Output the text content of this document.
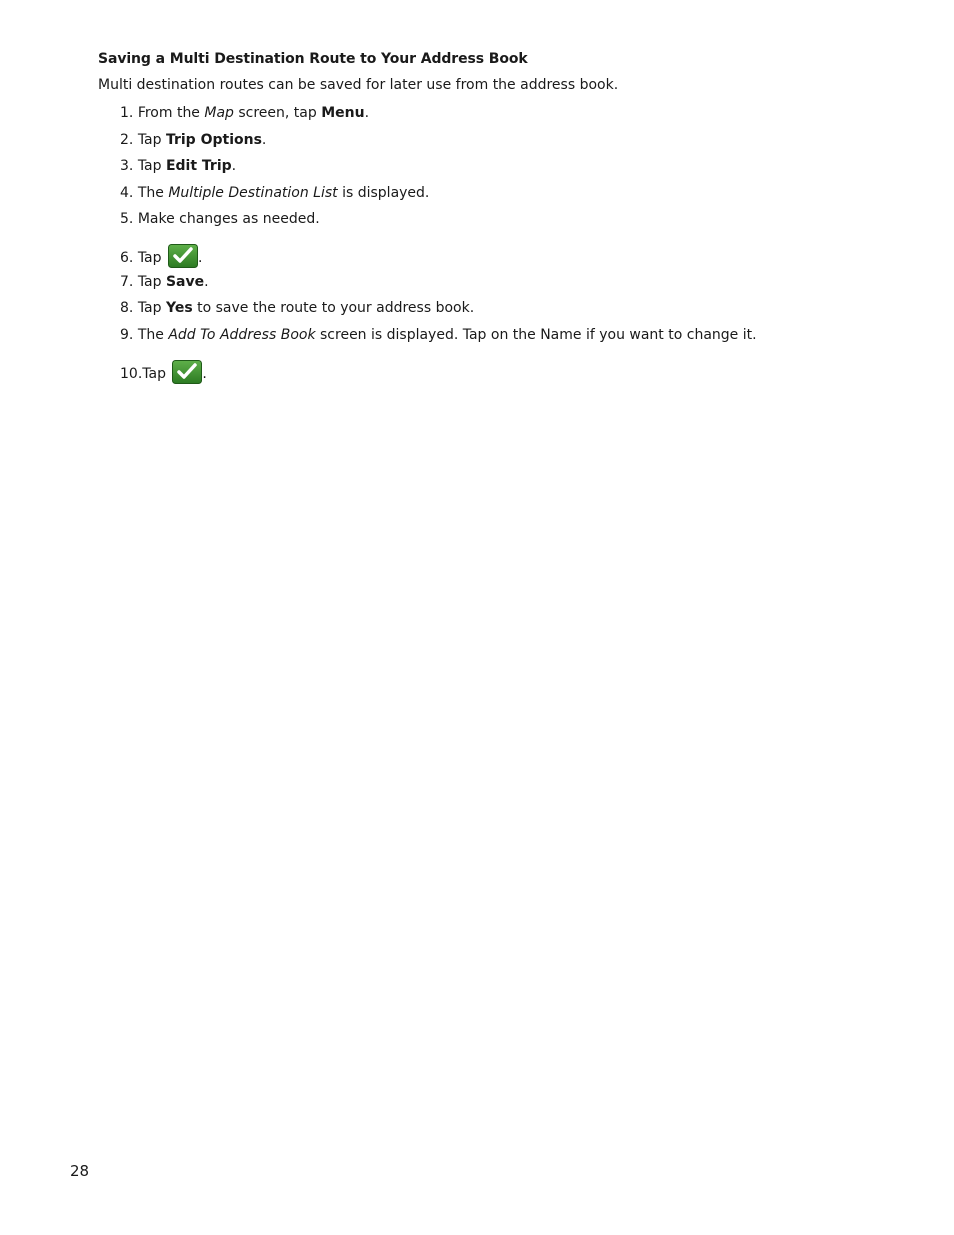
Saving a Multi Destination Route to Your Address Book
Multi destination routes can be saved for later use from the address book.
1. From the Map screen, tap Menu.
2. Tap Trip Options.
3. Tap Edit Trip.
4. The Multiple Destination List is displayed.
5. Make changes as needed.
6. Tap .
7. Tap Save.
8. Tap Yes to save the route to your address book.
9. The Add To Address Book screen is displayed. Tap on the Name if you want to change it.
10.Tap .
28
